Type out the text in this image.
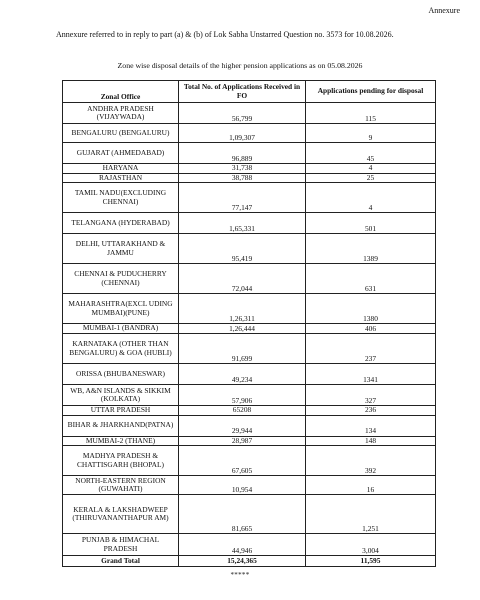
Annexure
Annexure referred to in reply to part (a) & (b) of Lok Sabha Unstarred Question no. 3573 for 10.08.2026.
Zone wise disposal details of the higher pension applications as on 05.08.2026
Zonal Office	Total No. of Applications Received in FO	Applications pending for disposal
ANDHRA PRADESH (VIJAYWADA)	56,799	115
BENGALURU (BENGALURU)	1,09,307	9
GUJARAT (AHMEDABAD)	96,889	45
HARYANA	31,738	4
RAJASTHAN	38,788	25
TAMIL NADU(EXCLUDING CHENNAI)	77,147	4
TELANGANA (HYDERABAD)	1,65,331	501
DELHI, UTTARAKHAND & JAMMU	95,419	1389
CHENNAI & PUDUCHERRY (CHENNAI)	72,044	631
MAHARASHTRA(EXCL UDING MUMBAI)(PUNE)	1,26,311	1380
MUMBAI-1 (BANDRA)	1,26,444	406
KARNATAKA (OTHER THAN BENGALURU) & GOA (HUBLI)	91,699	237
ORISSA (BHUBANESWAR)	49,234	1341
WB, A&N ISLANDS & SIKKIM (KOLKATA)	57,906	327
UTTAR PRADESH	65208	236
BIHAR & JHARKHAND(PATNA)	29,944	134
MUMBAI-2 (THANE)	28,987	148
MADHYA PRADESH & CHATTISGARH (BHOPAL)	67,605	392
NORTH-EASTERN REGION (GUWAHATI)	10,954	16
KERALA & LAKSHADWEEP (THIRUVANANTHAPUR AM)	81,665	1,251
PUNJAB & HIMACHAL PRADESH	44,946	3,004
Grand Total	15,24,365	11,595
*****
